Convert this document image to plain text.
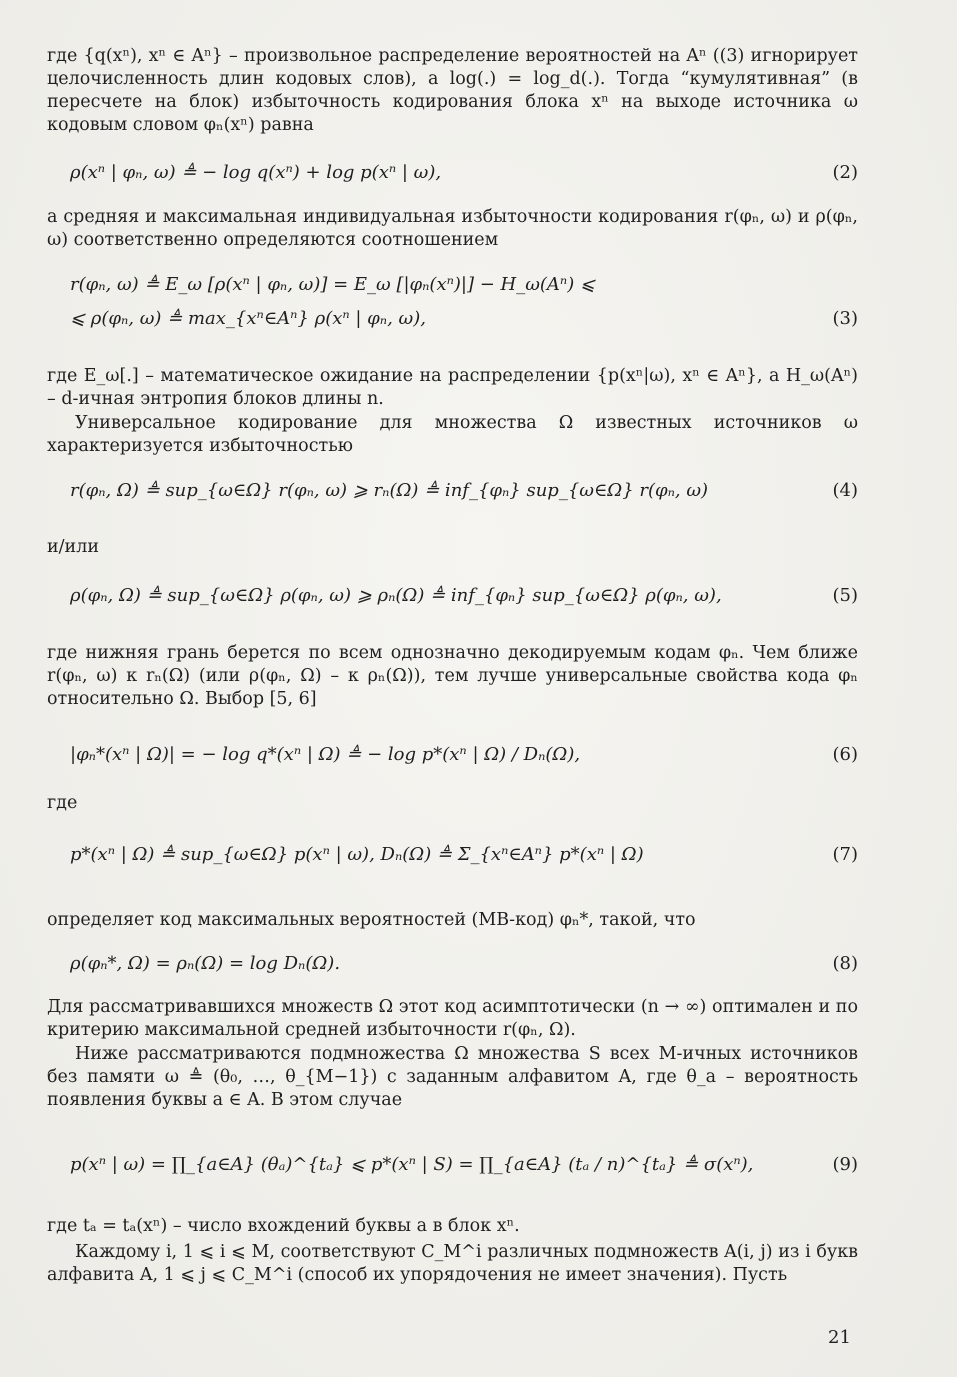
где {q(xⁿ), xⁿ ∈ Aⁿ} – произвольное распределение вероятностей на Aⁿ ((3) игнорирует целочисленность длин кодовых слов), а log(.) = log_d(.). Тогда “кумулятивная” (в пересчете на блок) избыточность кодирования блока xⁿ на выходе источника ω кодовым словом φₙ(xⁿ) равна

ρ(xⁿ | φₙ, ω) ≜ − log q(xⁿ) + log p(xⁿ | ω),	(2)

а средняя и максимальная индивидуальная избыточности кодирования r(φₙ, ω) и ρ(φₙ, ω) соответственно определяются соотношением

r(φₙ, ω) ≜ E_ω [ρ(xⁿ | φₙ, ω)] = E_ω [|φₙ(xⁿ)|] − H_ω(Aⁿ) ⩽
⩽ ρ(φₙ, ω) ≜ max_{xⁿ∈Aⁿ} ρ(xⁿ | φₙ, ω),	(3)

где E_ω[.] – математическое ожидание на распределении {p(xⁿ|ω), xⁿ ∈ Aⁿ}, а H_ω(Aⁿ) – d-ичная энтропия блоков длины n.

Универсальное кодирование для множества Ω известных источников ω характеризуется избыточностью

r(φₙ, Ω) ≜ sup_{ω∈Ω} r(φₙ, ω) ⩾ rₙ(Ω) ≜ inf_{φₙ} sup_{ω∈Ω} r(φₙ, ω)	(4)

и/или

ρ(φₙ, Ω) ≜ sup_{ω∈Ω} ρ(φₙ, ω) ⩾ ρₙ(Ω) ≜ inf_{φₙ} sup_{ω∈Ω} ρ(φₙ, ω),	(5)

где нижняя грань берется по всем однозначно декодируемым кодам φₙ. Чем ближе r(φₙ, ω) к rₙ(Ω) (или ρ(φₙ, Ω) – к ρₙ(Ω)), тем лучше универсальные свойства кода φₙ относительно Ω. Выбор [5, 6]

|φₙ*(xⁿ | Ω)| = − log q*(xⁿ | Ω) ≜ − log p*(xⁿ | Ω) / Dₙ(Ω),	(6)

где

p*(xⁿ | Ω) ≜ sup_{ω∈Ω} p(xⁿ | ω), Dₙ(Ω) ≜ Σ_{xⁿ∈Aⁿ} p*(xⁿ | Ω)	(7)

определяет код максимальных вероятностей (МВ-код) φₙ*, такой, что

ρ(φₙ*, Ω) = ρₙ(Ω) = log Dₙ(Ω).	(8)

Для рассматривавшихся множеств Ω этот код асимптотически (n → ∞) оптимален и по критерию максимальной средней избыточности r(φₙ, Ω).

Ниже рассматриваются подмножества Ω множества S всех M-ичных источников без памяти ω ≜ (θ₀, …, θ_{M−1}) с заданным алфавитом A, где θ_a – вероятность появления буквы a ∈ A. В этом случае

p(xⁿ | ω) = ∏_{a∈A} (θₐ)^{tₐ} ⩽ p*(xⁿ | S) = ∏_{a∈A} (tₐ / n)^{tₐ} ≜ σ(xⁿ),	(9)

где tₐ = tₐ(xⁿ) – число вхождений буквы a в блок xⁿ.

Каждому i, 1 ⩽ i ⩽ M, соответствуют C_M^i различных подмножеств A(i, j) из i букв алфавита A, 1 ⩽ j ⩽ C_M^i (способ их упорядочения не имеет значения). Пусть

21
